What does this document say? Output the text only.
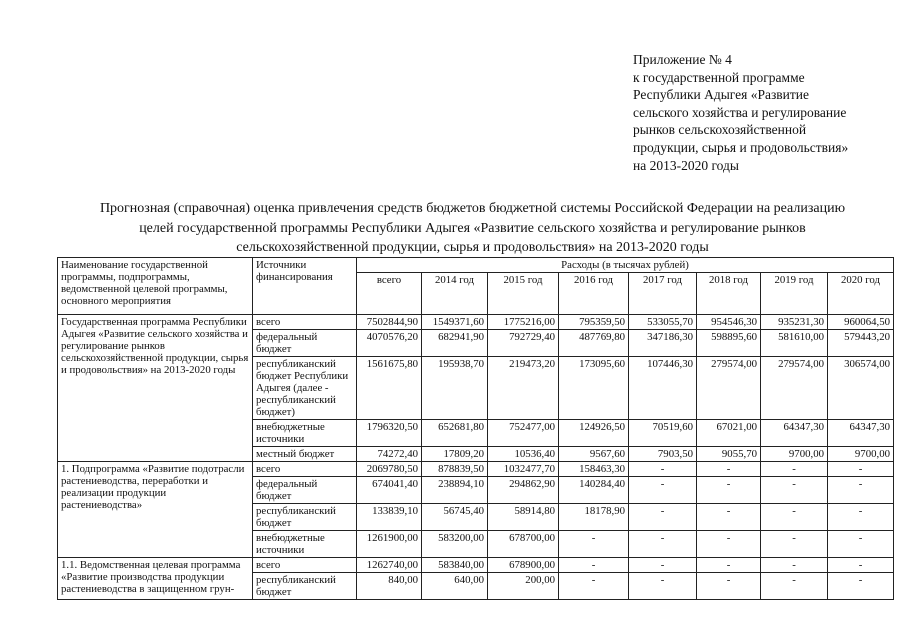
Приложение № 4
к государственной программе
Республики Адыгея «Развитие
сельского хозяйства и регулирование
рынков сельскохозяйственной
продукции, сырья и продовольствия»
на 2013-2020 годы
Прогнозная (справочная) оценка привлечения средств бюджетов бюджетной системы Российской Федерации на реализацию
целей государственной программы Республики Адыгея «Развитие сельского хозяйства и регулирование рынков
сельскохозяйственной продукции, сырья и продовольствия» на 2013-2020 годы
Наименование государственной программы, подпрограммы, ведомственной целевой программы, основного мероприятия	Источники финансирования	Расходы (в тысячах рублей)							
		всего	2014 год	2015 год	2016 год	2017 год	2018 год	2019 год	2020 год
Государственная программа Республики Адыгея «Развитие сельского хозяйства и регулирование рынков сельскохозяйственной продукции, сырья и продовольствия» на 2013-2020 годы	всего	7502844,90	1549371,60	1775216,00	795359,50	533055,70	954546,30	935231,30	960064,50
	федеральный бюджет	4070576,20	682941,90	792729,40	487769,80	347186,30	598895,60	581610,00	579443,20
	республиканский бюджет Республики Адыгея (далее - республиканский бюджет)	1561675,80	195938,70	219473,20	173095,60	107446,30	279574,00	279574,00	306574,00
	внебюджетные источники	1796320,50	652681,80	752477,00	124926,50	70519,60	67021,00	64347,30	64347,30
	местный бюджет	74272,40	17809,20	10536,40	9567,60	7903,50	9055,70	9700,00	9700,00
1. Подпрограмма «Развитие подотрасли растениеводства, переработки и реализации продукции растениеводства»	всего	2069780,50	878839,50	1032477,70	158463,30	-	-	-	-
	федеральный бюджет	674041,40	238894,10	294862,90	140284,40	-	-	-	-
	республиканский бюджет	133839,10	56745,40	58914,80	18178,90	-	-	-	-
	внебюджетные источники	1261900,00	583200,00	678700,00	-	-	-	-	-
1.1. Ведомственная целевая программа «Развитие производства продукции растениеводства в защищенном грун-	всего	1262740,00	583840,00	678900,00	-	-	-	-	-
	республиканский бюджет	840,00	640,00	200,00	-	-	-	-	-
